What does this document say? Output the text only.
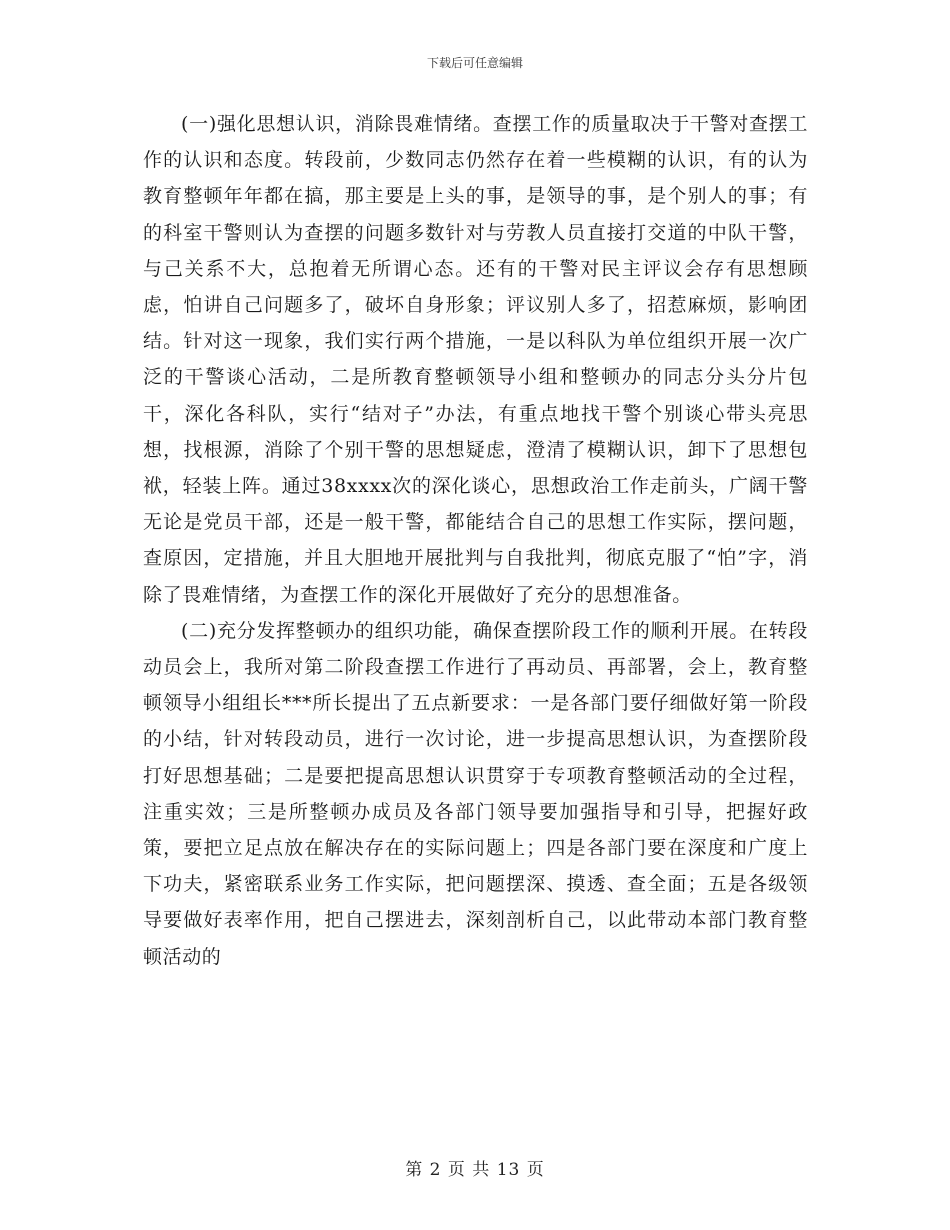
下载后可任意编辑

(一)强化思想认识，消除畏难情绪。查摆工作的质量取决于干警对查摆工作的认识和态度。转段前，少数同志仍然存在着一些模糊的认识，有的认为教育整顿年年都在搞，那主要是上头的事，是领导的事，是个别人的事；有的科室干警则认为查摆的问题多数针对与劳教人员直接打交道的中队干警，与己关系不大，总抱着无所谓心态。还有的干警对民主评议会存有思想顾虑，怕讲自己问题多了，破坏自身形象；评议别人多了，招惹麻烦，影响团结。针对这一现象，我们实行两个措施，一是以科队为单位组织开展一次广泛的干警谈心活动，二是所教育整顿领导小组和整顿办的同志分头分片包干，深化各科队，实行“结对子”办法，有重点地找干警个别谈心带头亮思想，找根源，消除了个别干警的思想疑虑，澄清了模糊认识，卸下了思想包袱，轻装上阵。通过38xxxx次的深化谈心，思想政治工作走前头，广阔干警无论是党员干部，还是一般干警，都能结合自己的思想工作实际，摆问题，查原因，定措施，并且大胆地开展批判与自我批判，彻底克服了“怕”字，消除了畏难情绪，为查摆工作的深化开展做好了充分的思想准备。

(二)充分发挥整顿办的组织功能，确保查摆阶段工作的顺利开展。在转段动员会上，我所对第二阶段查摆工作进行了再动员、再部署，会上，教育整顿领导小组组长***所长提出了五点新要求：一是各部门要仔细做好第一阶段的小结，针对转段动员，进行一次讨论，进一步提高思想认识，为查摆阶段打好思想基础；二是要把提高思想认识贯穿于专项教育整顿活动的全过程，注重实效；三是所整顿办成员及各部门领导要加强指导和引导，把握好政策，要把立足点放在解决存在的实际问题上；四是各部门要在深度和广度上下功夫，紧密联系业务工作实际，把问题摆深、摸透、查全面；五是各级领导要做好表率作用，把自己摆进去，深刻剖析自己，以此带动本部门教育整顿活动的

第 2 页 共 13 页
